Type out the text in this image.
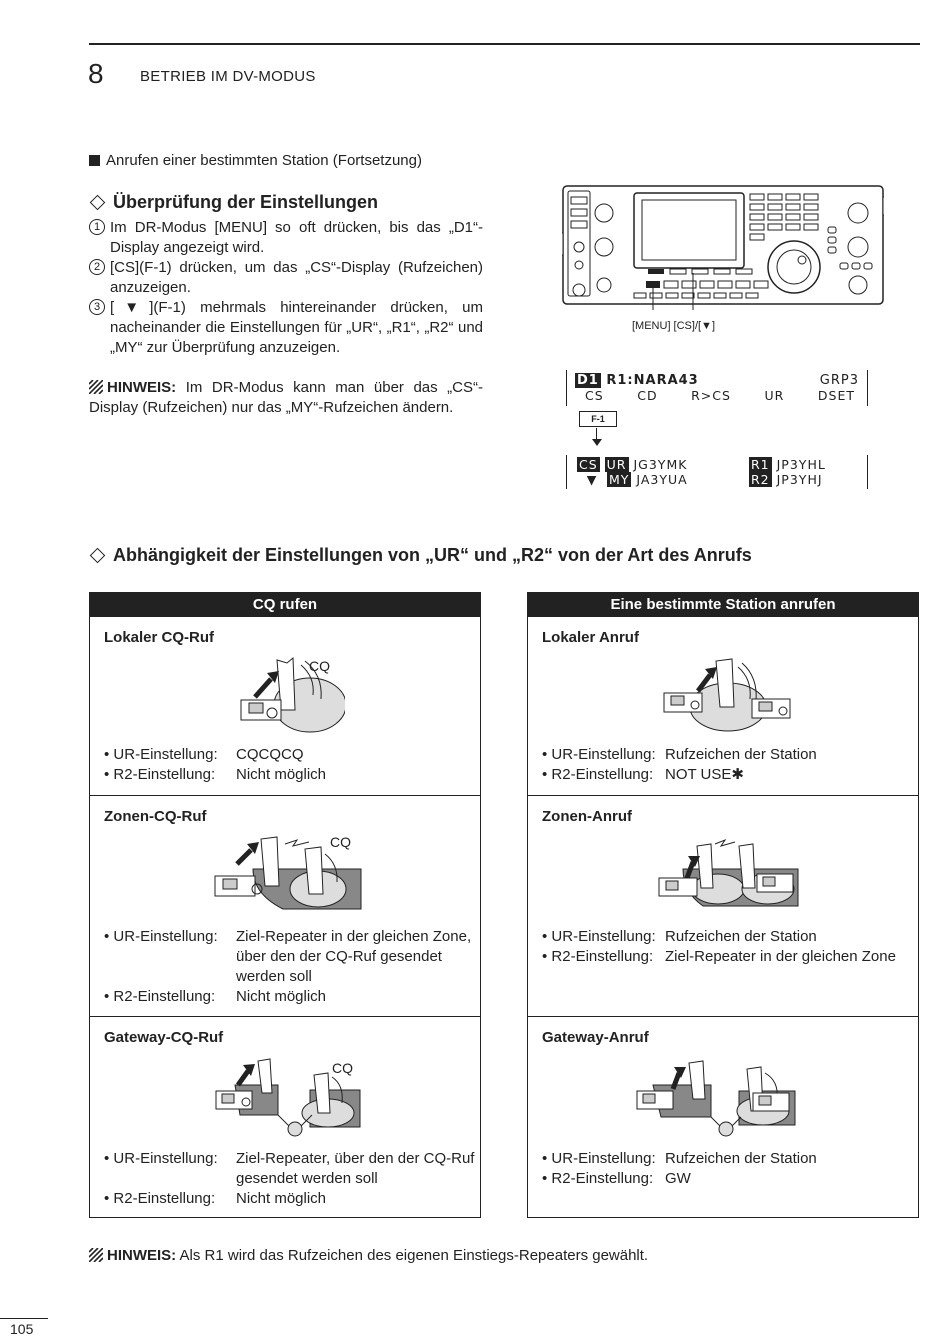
8 BETRIEB IM DV-MODUS
Anrufen einer bestimmten Station (Fortsetzung)
Überprüfung der Einstellungen
1 Im DR-Modus [MENU] so oft drücken, bis das „D1“-Display angezeigt wird.
2 [CS](F-1) drücken, um das „CS“-Display (Rufzeichen) anzuzeigen.
3 [▼](F-1) mehrmals hintereinander drücken, um nacheinander die Einstellungen für „UR“, „R1“, „R2“ und „MY“ zur Überprüfung anzuzeigen.
HINWEIS: Im DR-Modus kann man über das „CS“-Display (Rufzeichen) nur das „MY“-Rufzeichen ändern.
[MENU] [CS]/[▼]
D1 R1:NARA43	GRP3
CS	CD	R>CS	UR	DSET
F-1
CS UR JG3YMK	R1 JP3YHL
▼ MY JA3YUA	R2 JP3YHJ
Abhängigkeit der Einstellungen von „UR“ und „R2“ von der Art des Anrufs
CQ rufen
Lokaler CQ-Ruf
CQ
• UR-Einstellung: CQCQCQ
• R2-Einstellung: Nicht möglich
Zonen-CQ-Ruf
CQ
• UR-Einstellung: Ziel-Repeater in der gleichen Zone, über den der CQ-Ruf gesendet werden soll
• R2-Einstellung: Nicht möglich
Gateway-CQ-Ruf
CQ
• UR-Einstellung: Ziel-Repeater, über den der CQ-Ruf gesendet werden soll
• R2-Einstellung: Nicht möglich
Eine bestimmte Station anrufen
Lokaler Anruf
• UR-Einstellung: Rufzeichen der Station
• R2-Einstellung: NOT USE✱
Zonen-Anruf
• UR-Einstellung: Rufzeichen der Station
• R2-Einstellung: Ziel-Repeater in der gleichen Zone
Gateway-Anruf
• UR-Einstellung: Rufzeichen der Station
• R2-Einstellung: GW
HINWEIS: Als R1 wird das Rufzeichen des eigenen Einstiegs-Repeaters gewählt.
105
